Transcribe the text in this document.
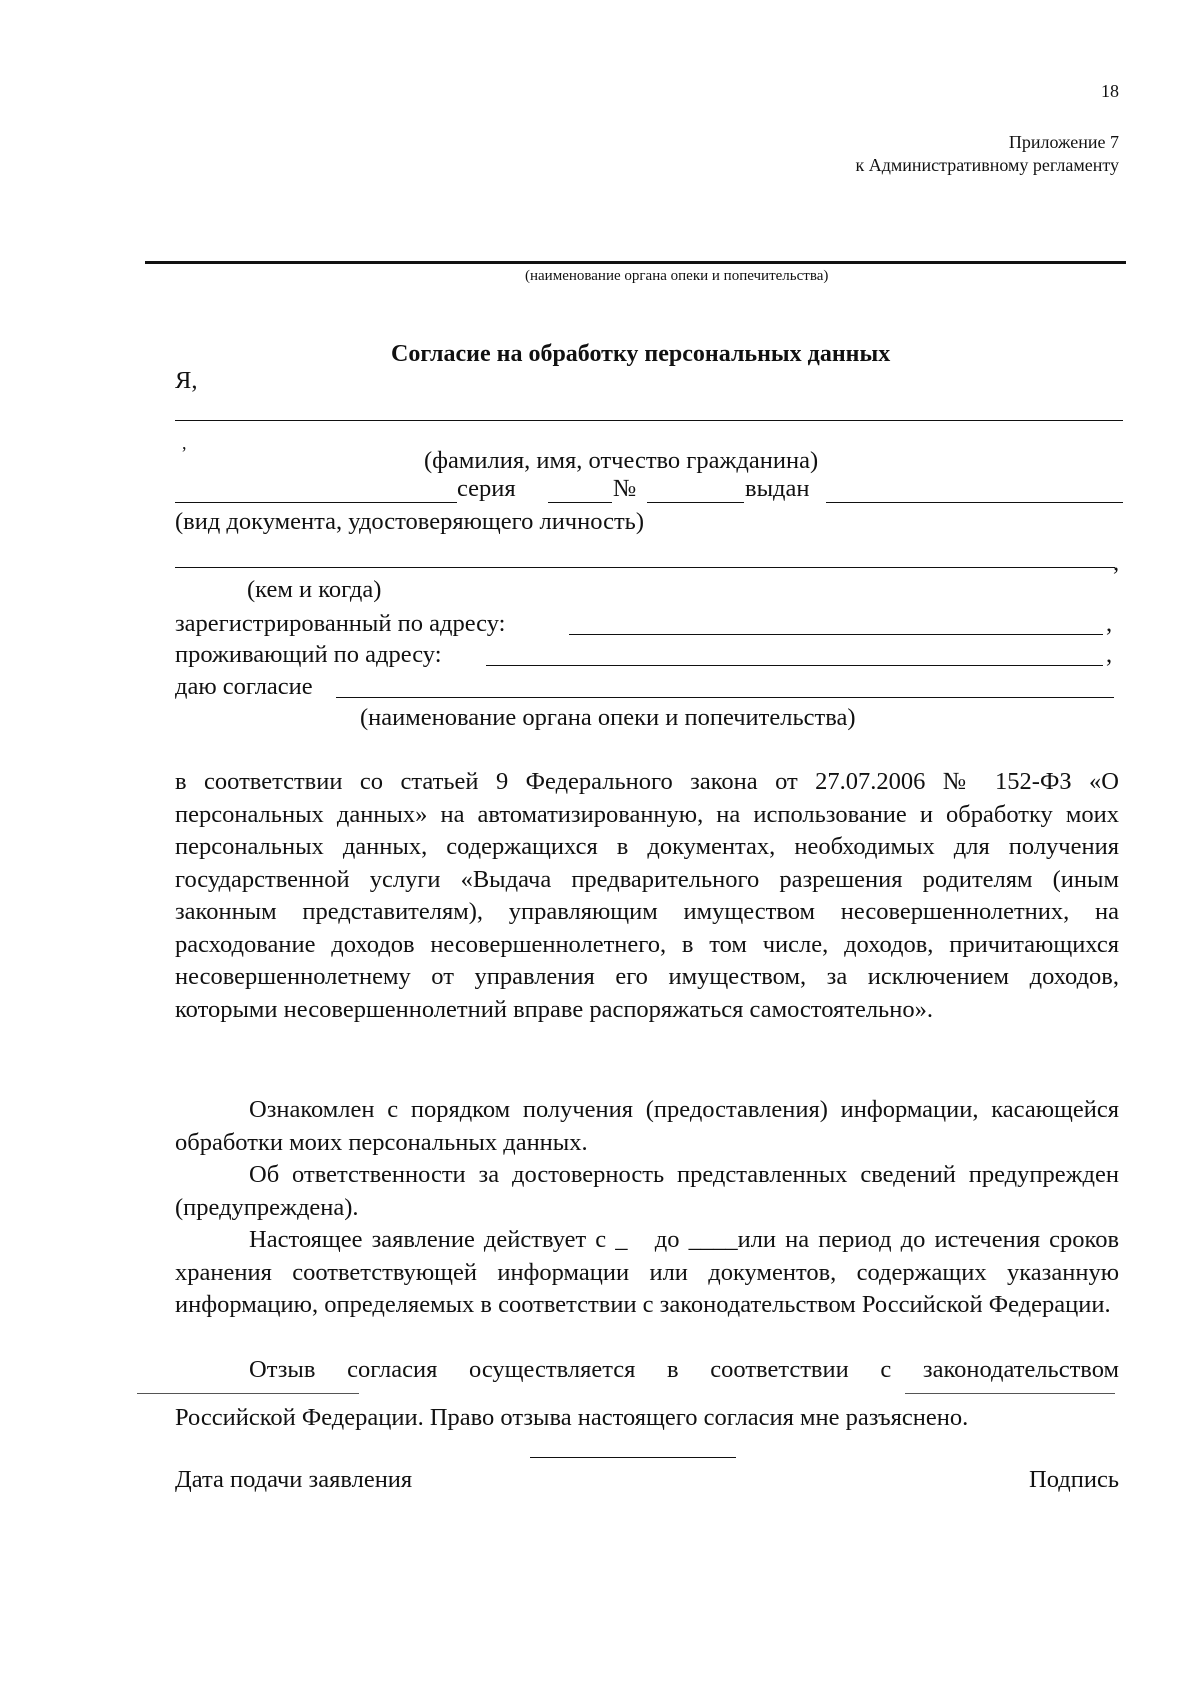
18
Приложение 7
к Административному регламенту
(наименование органа опеки и попечительства)
Согласие на обработку персональных данных
Я,
,
(фамилия, имя, отчество гражданина)
серия	№	выдан
(вид документа, удостоверяющего личность)
,
(кем и когда)
зарегистрированный по адресу:	,
проживающий по адресу:	,
даю согласие
(наименование органа опеки и попечительства)
в соответствии со статьей 9 Федерального закона от 27.07.2006 № 152-ФЗ «О персональных данных» на автоматизированную, на использование и обработку моих персональных данных, содержащихся в документах, необходимых для получения государственной услуги «Выдача предварительного разрешения родителям (иным законным представителям), управляющим имуществом несовершеннолетних, на расходование доходов несовершеннолетнего, в том числе, доходов, причитающихся несовершеннолетнему от управления его имуществом, за исключением доходов, которыми несовершеннолетний вправе распоряжаться самостоятельно».
Ознакомлен с порядком получения (предоставления) информации, касающейся обработки моих персональных данных.
Об ответственности за достоверность представленных сведений предупрежден (предупреждена).
Настоящее заявление действует с _ до ____или на период до истечения сроков хранения соответствующей информации или документов, содержащих указанную информацию, определяемых в соответствии с законодательством Российской Федерации.
Отзыв согласия осуществляется в соответствии с законодательством
Российской Федерации. Право отзыва настоящего согласия мне разъяснено.
Дата подачи заявления	Подпись
